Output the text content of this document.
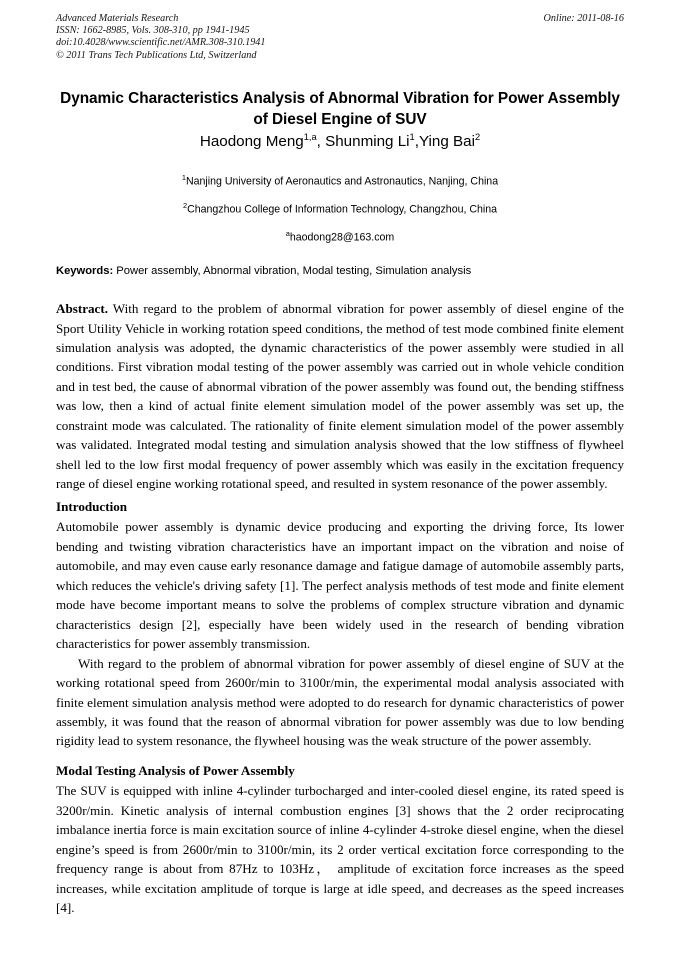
Advanced Materials Research	Online: 2011-08-16
ISSN: 1662-8985, Vols. 308-310, pp 1941-1945
doi:10.4028/www.scientific.net/AMR.308-310.1941
© 2011 Trans Tech Publications Ltd, Switzerland
Dynamic Characteristics Analysis of Abnormal Vibration for Power Assembly of Diesel Engine of SUV
Haodong Meng$^{1,a}$, Shunming Li$^1$,Ying Bai$^2$
$^1$Nanjing University of Aeronautics and Astronautics, Nanjing, China
$^2$Changzhou College of Information Technology, Changzhou, China
$^a$haodong28@163.com

Keywords: Power assembly, Abnormal vibration, Modal testing, Simulation analysis

Abstract. With regard to the problem of abnormal vibration for power assembly of diesel engine of the Sport Utility Vehicle in working rotation speed conditions, the method of test mode combined finite element simulation analysis was adopted, the dynamic characteristics of the power assembly were studied in all conditions. First vibration modal testing of the power assembly was carried out in whole vehicle condition and in test bed, the cause of abnormal vibration of the power assembly was found out, the bending stiffness was low, then a kind of actual finite element simulation model of the power assembly was set up, the constraint mode was calculated. The rationality of finite element simulation model of the power assembly was validated. Integrated modal testing and simulation analysis showed that the low stiffness of flywheel shell led to the low first modal frequency of power assembly which was easily in the excitation frequency range of diesel engine working rotational speed, and resulted in system resonance of the power assembly.

Introduction

Automobile power assembly is dynamic device producing and exporting the driving force, Its lower bending and twisting vibration characteristics have an important impact on the vibration and noise of automobile, and may even cause early resonance damage and fatigue damage of automobile assembly parts, which reduces the vehicle's driving safety [1]. The perfect analysis methods of test mode and finite element mode have become important means to solve the problems of complex structure vibration and dynamic characteristics design [2], especially have been widely used in the research of bending vibration characteristics for power assembly transmission.

With regard to the problem of abnormal vibration for power assembly of diesel engine of SUV at the working rotational speed from 2600r/min to 3100r/min, the experimental modal analysis associated with finite element simulation analysis method were adopted to do research for dynamic characteristics of power assembly, it was found that the reason of abnormal vibration for power assembly was due to low bending rigidity lead to system resonance, the flywheel housing was the weak structure of the power assembly.

Modal Testing Analysis of Power Assembly

The SUV is equipped with inline 4-cylinder turbocharged and inter-cooled diesel engine, its rated speed is 3200r/min. Kinetic analysis of internal combustion engines [3] shows that the 2 order reciprocating imbalance inertia force is main excitation source of inline 4-cylinder 4-stroke diesel engine, when the diesel engine’s speed is from 2600r/min to 3100r/min, its 2 order vertical excitation force corresponding to the frequency range is about from 87Hz to 103Hz， amplitude of excitation force increases as the speed increases, while excitation amplitude of torque is large at idle speed, and decreases as the speed increases [4].
